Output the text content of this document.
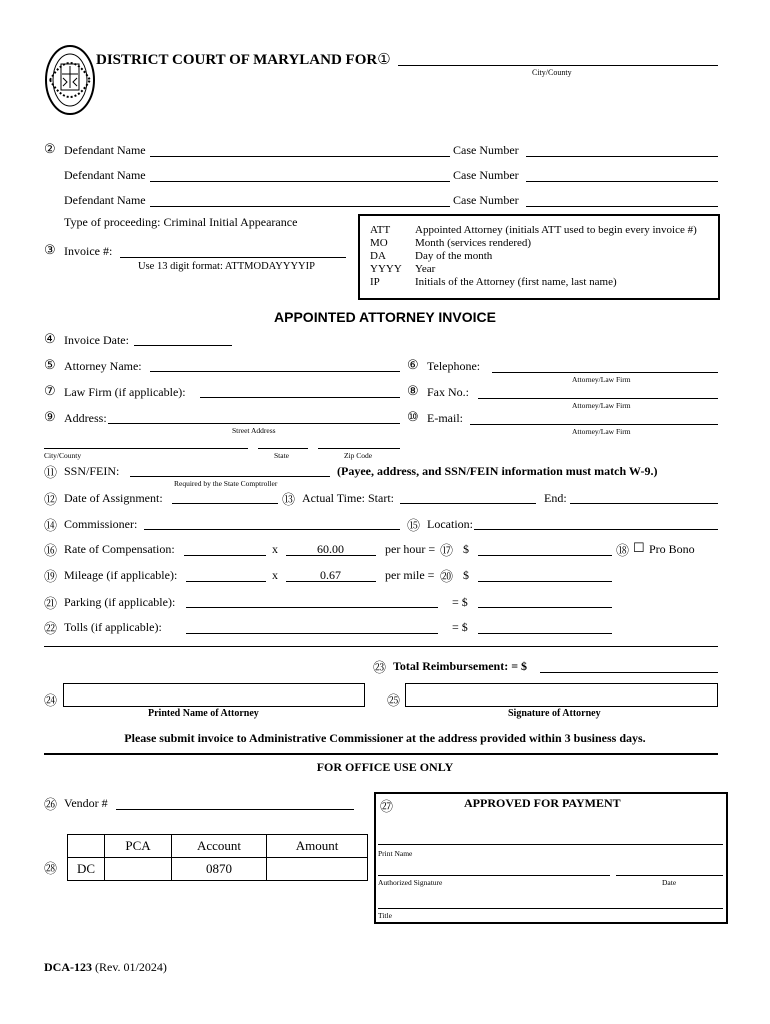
DISTRICT COURT OF MARYLAND FOR①
City/County
② Defendant Name	Case Number
Defendant Name	Case Number
Defendant Name	Case Number
Type of proceeding: Criminal Initial Appearance
③ Invoice #:
Use 13 digit format: ATTMODAYYYYIP
ATT	Appointed Attorney (initials ATT used to begin every invoice #)
MO	Month (services rendered)
DA	Day of the month
YYYY	Year
IP	Initials of the Attorney (first name, last name)
APPOINTED ATTORNEY INVOICE
④ Invoice Date:
⑤ Attorney Name:	⑥ Telephone:
Attorney/Law Firm
⑦ Law Firm (if applicable):	⑧ Fax No.:
Attorney/Law Firm
⑨ Address:
Street Address
⑩ E-mail:
Attorney/Law Firm
City/County	State	Zip Code
⑪ SSN/FEIN:
Required by the State Comptroller
(Payee, address, and SSN/FEIN information must match W-9.)
⑫ Date of Assignment:	⑬ Actual Time: Start:	End:
⑭ Commissioner:	⑮ Location:
⑯ Rate of Compensation:	x	60.00	per hour = ⑰ $	⑱ ☐ Pro Bono
⑲ Mileage (if applicable):	x	0.67	per mile = ⑳ $
㉑ Parking (if applicable):	= $
㉒ Tolls (if applicable):	= $
㉓ Total Reimbursement: = $
㉔
Printed Name of Attorney
㉕
Signature of Attorney
Please submit invoice to Administrative Commissioner at the address provided within 3 business days.
FOR OFFICE USE ONLY
㉖ Vendor #	㉗	APPROVED FOR PAYMENT
Print Name
Authorized Signature	Date
Title
㉘
	PCA	Account	Amount
DC		0870	
DCA-123 (Rev. 01/2024)
